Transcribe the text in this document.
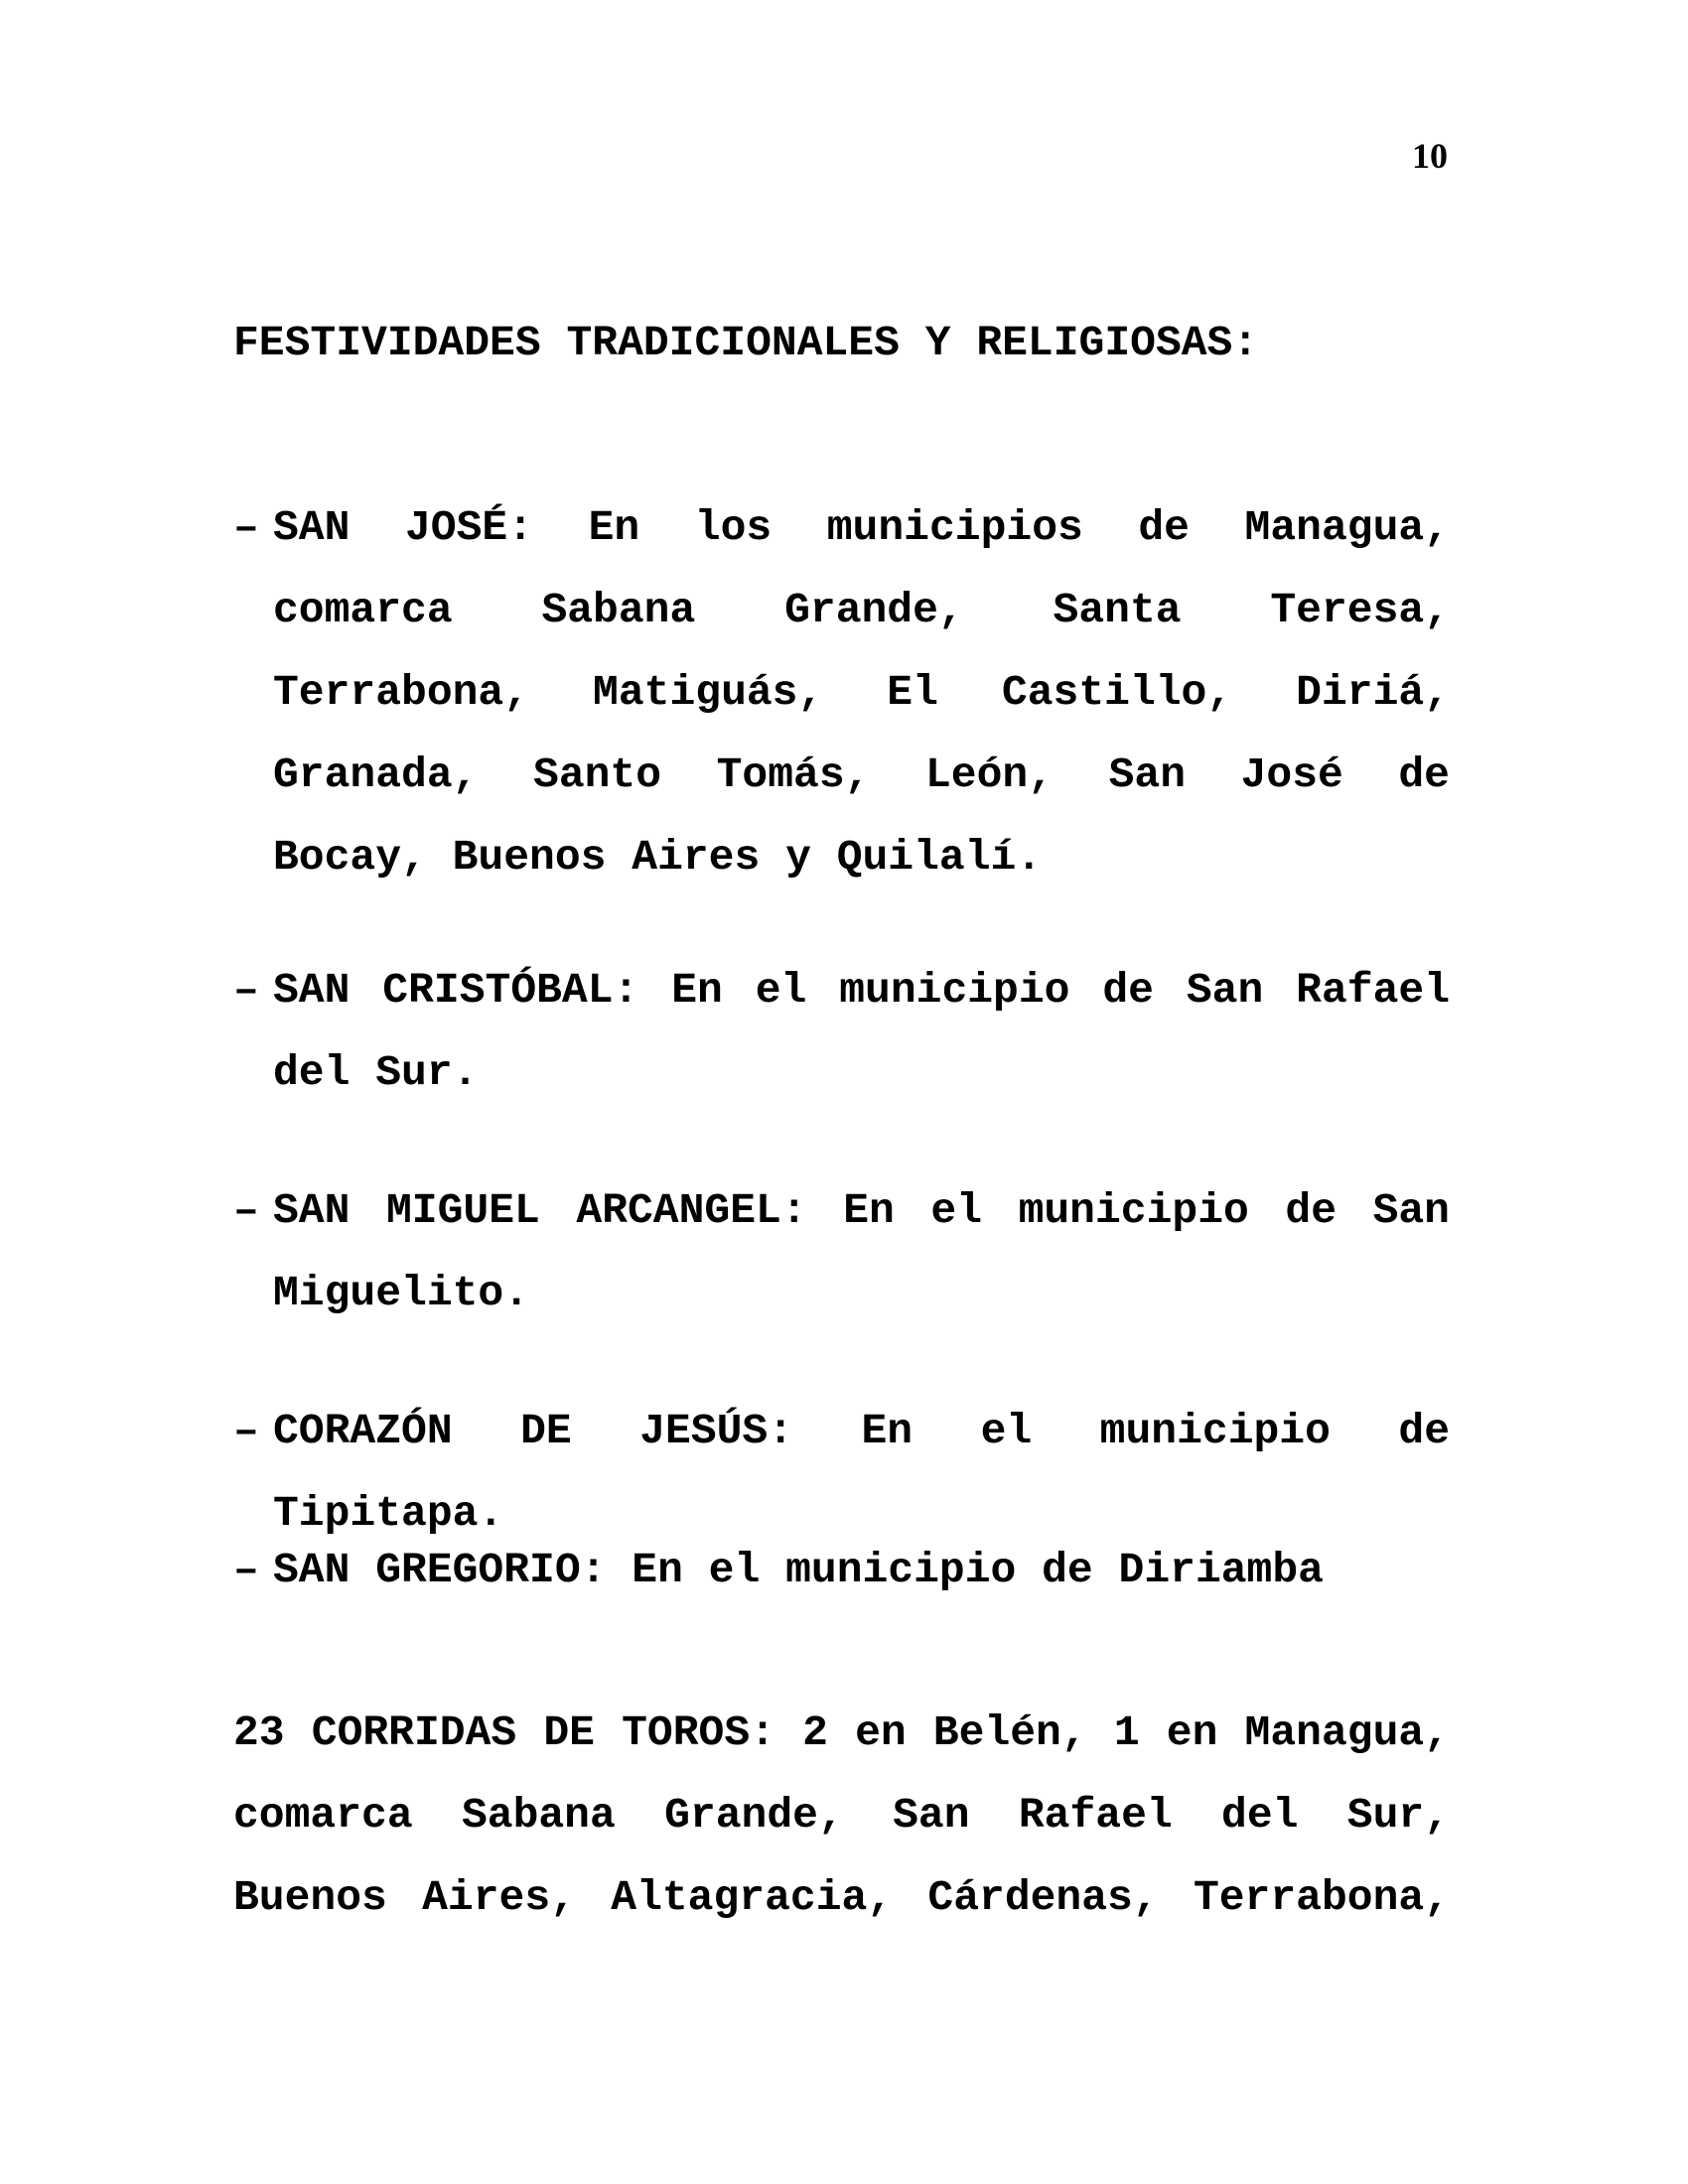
10
FESTIVIDADES TRADICIONALES Y RELIGIOSAS:
– SAN JOSÉ: En los municipios de Managua, comarca Sabana Grande, Santa Teresa, Terrabona, Matiguás, El Castillo, Diriá, Granada, Santo Tomás, León, San José de Bocay, Buenos Aires y Quilalí.
– SAN CRISTÓBAL: En el municipio de San Rafael del Sur.
– SAN MIGUEL ARCANGEL: En el municipio de San Miguelito.
– CORAZÓN DE JESÚS: En el municipio de Tipitapa.
– SAN GREGORIO: En el municipio de Diriamba
23 CORRIDAS DE TOROS: 2 en Belén, 1 en Managua, comarca Sabana Grande, San Rafael del Sur, Buenos Aires, Altagracia, Cárdenas, Terrabona,
